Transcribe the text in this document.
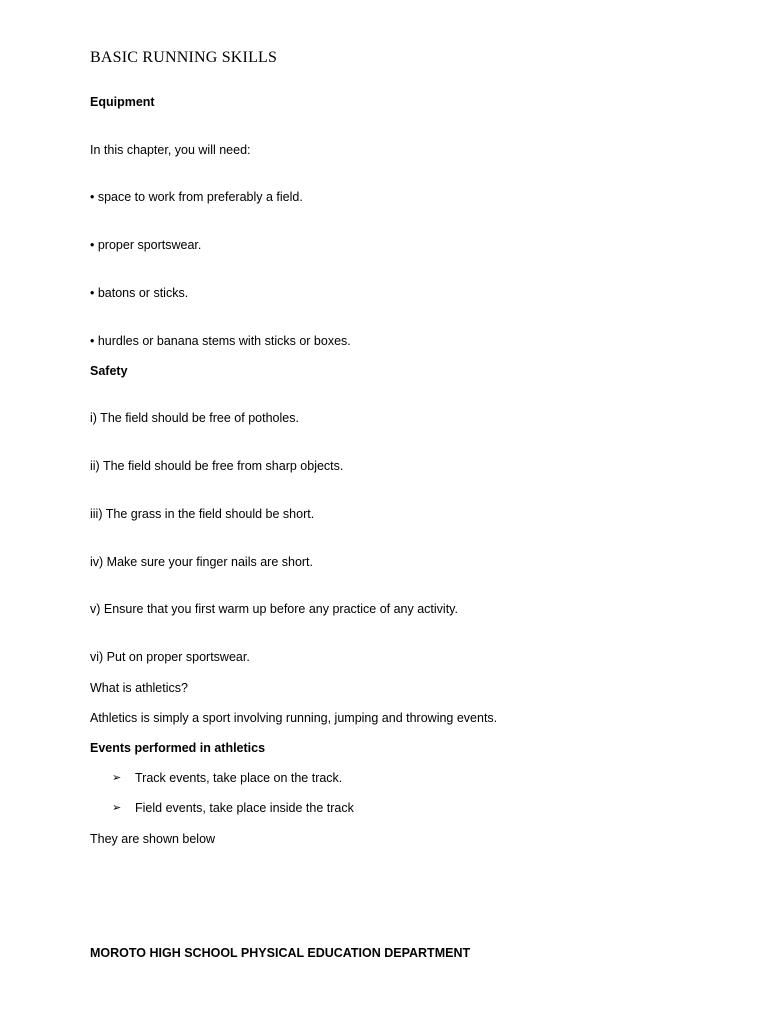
BASIC RUNNING SKILLS
Equipment
In this chapter, you will need:
• space to work from preferably a field.
• proper sportswear.
• batons or sticks.
• hurdles or banana stems with sticks or boxes.
Safety
i) The field should be free of potholes.
ii) The field should be free from sharp objects.
iii) The grass in the field should be short.
iv) Make sure your finger nails are short.
v) Ensure that you first warm up before any practice of any activity.
vi) Put on proper sportswear.
What is athletics?
Athletics is simply a sport involving running, jumping and throwing events.
Events performed in athletics
➢ Track events, take place on the track.
➢ Field events, take place inside the track
They are shown below
MOROTO HIGH SCHOOL PHYSICAL EDUCATION DEPARTMENT
